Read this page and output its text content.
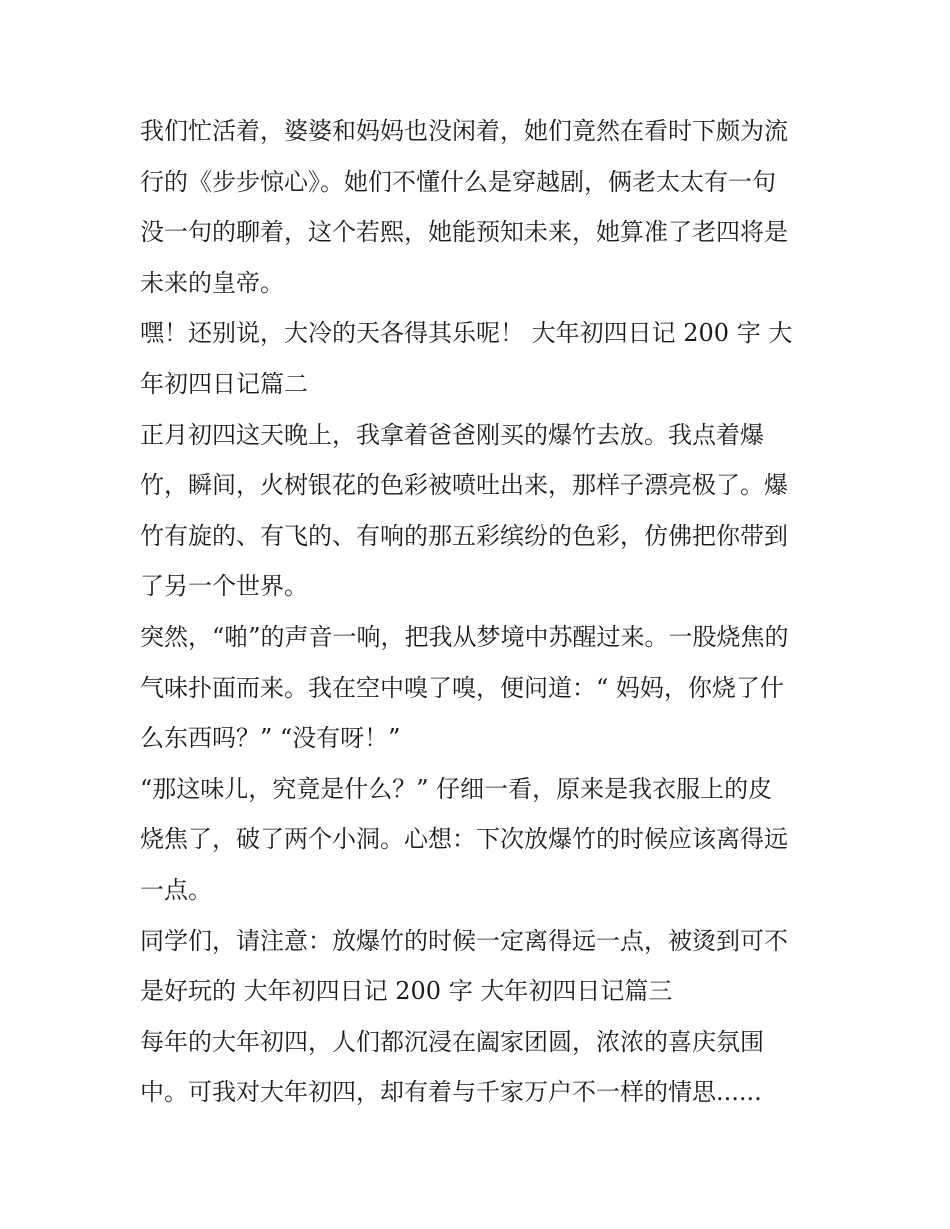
我们忙活着，婆婆和妈妈也没闲着，她们竟然在看时下颇为流
行的《步步惊心》。她们不懂什么是穿越剧，俩老太太有一句
没一句的聊着，这个若熙，她能预知未来，她算准了老四将是
未来的皇帝。
嘿！还别说，大冷的天各得其乐呢！ 大年初四日记 200 字 大
年初四日记篇二
正月初四这天晚上，我拿着爸爸刚买的爆竹去放。我点着爆
竹，瞬间，火树银花的色彩被喷吐出来，那样子漂亮极了。爆
竹有旋的、有飞的、有响的那五彩缤纷的色彩，仿佛把你带到
了另一个世界。
突然，“啪”的声音一响，把我从梦境中苏醒过来。一股烧焦的
气味扑面而来。我在空中嗅了嗅，便问道：“ 妈妈，你烧了什
么东西吗？” “没有呀！”
“那这味儿，究竟是什么？” 仔细一看，原来是我衣服上的皮
烧焦了，破了两个小洞。心想：下次放爆竹的时候应该离得远
一点。
同学们，请注意：放爆竹的时候一定离得远一点，被烫到可不
是好玩的 大年初四日记 200 字 大年初四日记篇三
每年的大年初四，人们都沉浸在阖家团圆，浓浓的喜庆氛围
中。可我对大年初四，却有着与千家万户不一样的情思......
